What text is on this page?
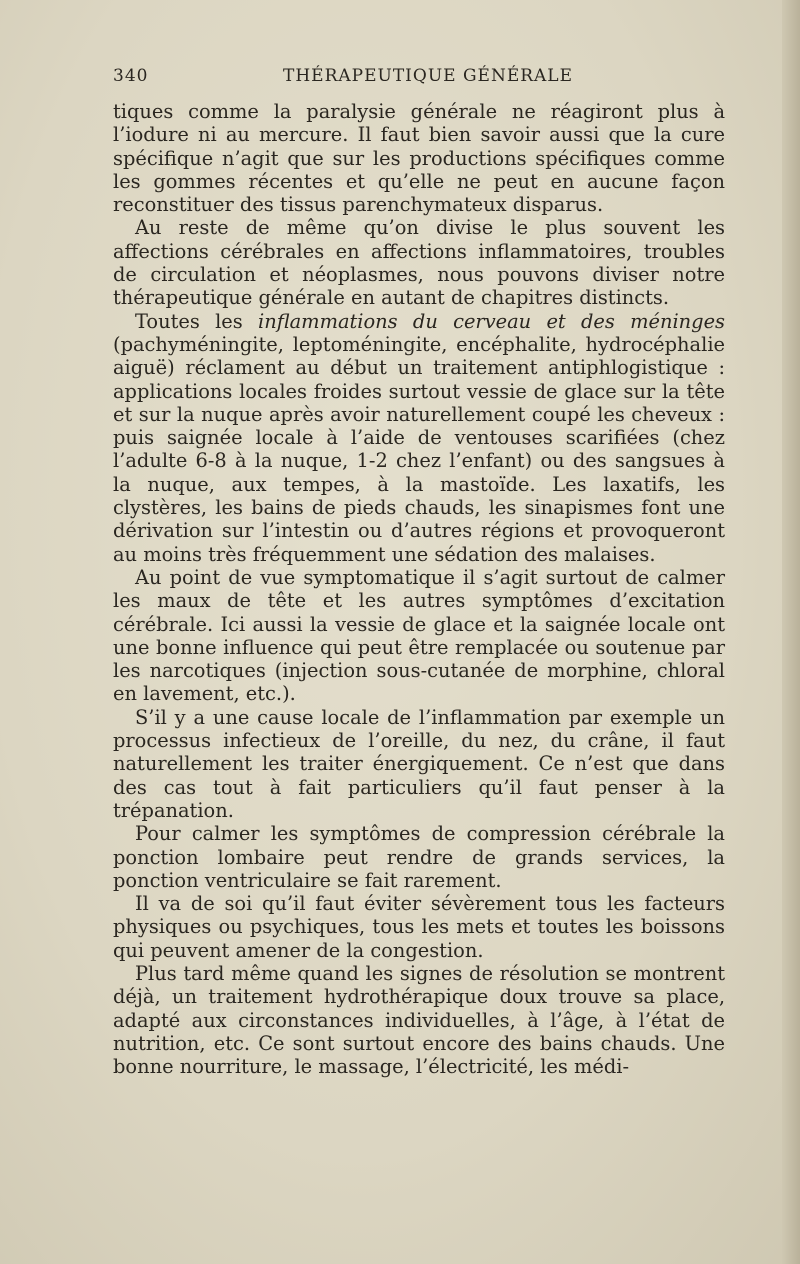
340	THÉRAPEUTIQUE GÉNÉRALE

tiques comme la paralysie générale ne réagiront plus à l’iodure ni au mercure. Il faut bien savoir aussi que la cure spécifique n’agit que sur les productions spécifiques comme les gommes récentes et qu’elle ne peut en aucune façon reconstituer des tissus parenchymateux disparus.

Au reste de même qu’on divise le plus souvent les affections cérébrales en affections inflammatoires, troubles de circulation et néoplasmes, nous pouvons diviser notre thérapeutique générale en autant de chapitres distincts.

Toutes les inflammations du cerveau et des méninges (pachyméningite, leptoméningite, encéphalite, hydrocéphalie aiguë) réclament au début un traitement antiphlogistique : applications locales froides surtout vessie de glace sur la tête et sur la nuque après avoir naturellement coupé les cheveux : puis saignée locale à l’aide de ventouses scarifiées (chez l’adulte 6-8 à la nuque, 1-2 chez l’enfant) ou des sangsues à la nuque, aux tempes, à la mastoïde. Les laxatifs, les clystères, les bains de pieds chauds, les sinapismes font une dérivation sur l’intestin ou d’autres régions et provoqueront au moins très fréquemment une sédation des malaises.

Au point de vue symptomatique il s’agit surtout de calmer les maux de tête et les autres symptômes d’excitation cérébrale. Ici aussi la vessie de glace et la saignée locale ont une bonne influence qui peut être remplacée ou soutenue par les narcotiques (injection sous-cutanée de morphine, chloral en lavement, etc.).

S’il y a une cause locale de l’inflammation par exemple un processus infectieux de l’oreille, du nez, du crâne, il faut naturellement les traiter énergiquement. Ce n’est que dans des cas tout à fait particuliers qu’il faut penser à la trépanation.

Pour calmer les symptômes de compression cérébrale la ponction lombaire peut rendre de grands services, la ponction ventriculaire se fait rarement.

Il va de soi qu’il faut éviter sévèrement tous les facteurs physiques ou psychiques, tous les mets et toutes les boissons qui peuvent amener de la congestion.

Plus tard même quand les signes de résolution se montrent déjà, un traitement hydrothérapique doux trouve sa place, adapté aux circonstances individuelles, à l’âge, à l’état de nutrition, etc. Ce sont surtout encore des bains chauds. Une bonne nourriture, le massage, l’électricité, les médi-
